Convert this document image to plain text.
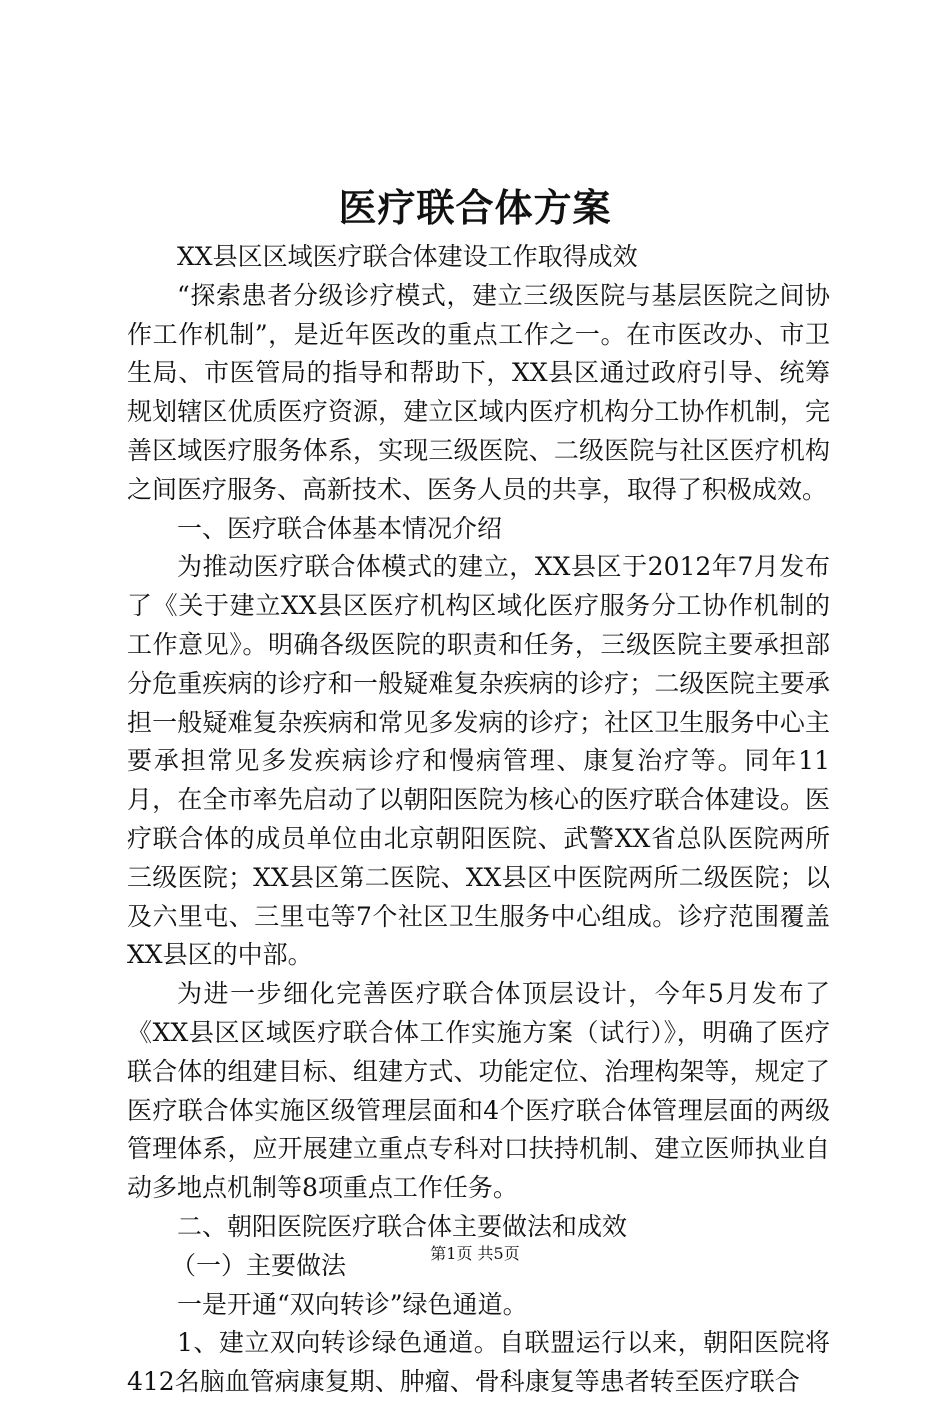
医疗联合体方案

XX县区区域医疗联合体建设工作取得成效

“探索患者分级诊疗模式，建立三级医院与基层医院之间协作工作机制”，是近年医改的重点工作之一。在市医改办、市卫生局、市医管局的指导和帮助下，XX县区通过政府引导、统筹规划辖区优质医疗资源，建立区域内医疗机构分工协作机制，完善区域医疗服务体系，实现三级医院、二级医院与社区医疗机构之间医疗服务、高新技术、医务人员的共享，取得了积极成效。

一、医疗联合体基本情况介绍

为推动医疗联合体模式的建立，XX县区于2012年7月发布了《关于建立XX县区医疗机构区域化医疗服务分工协作机制的工作意见》。明确各级医院的职责和任务，三级医院主要承担部分危重疾病的诊疗和一般疑难复杂疾病的诊疗；二级医院主要承担一般疑难复杂疾病和常见多发病的诊疗；社区卫生服务中心主要承担常见多发疾病诊疗和慢病管理、康复治疗等。同年11月，在全市率先启动了以朝阳医院为核心的医疗联合体建设。医疗联合体的成员单位由北京朝阳医院、武警XX省总队医院两所三级医院；XX县区第二医院、XX县区中医院两所二级医院；以及六里屯、三里屯等7个社区卫生服务中心组成。诊疗范围覆盖XX县区的中部。

为进一步细化完善医疗联合体顶层设计，今年5月发布了《XX县区区域医疗联合体工作实施方案（试行）》，明确了医疗联合体的组建目标、组建方式、功能定位、治理构架等，规定了医疗联合体实施区级管理层面和4个医疗联合体管理层面的两级管理体系，应开展建立重点专科对口扶持机制、建立医师执业自动多地点机制等8项重点工作任务。

二、朝阳医院医疗联合体主要做法和成效

（一）主要做法

一是开通“双向转诊”绿色通道。

1、建立双向转诊绿色通道。自联盟运行以来，朝阳医院将412名脑血管病康复期、肿瘤、骨科康复等患者转至医疗联合

第1页 共5页
